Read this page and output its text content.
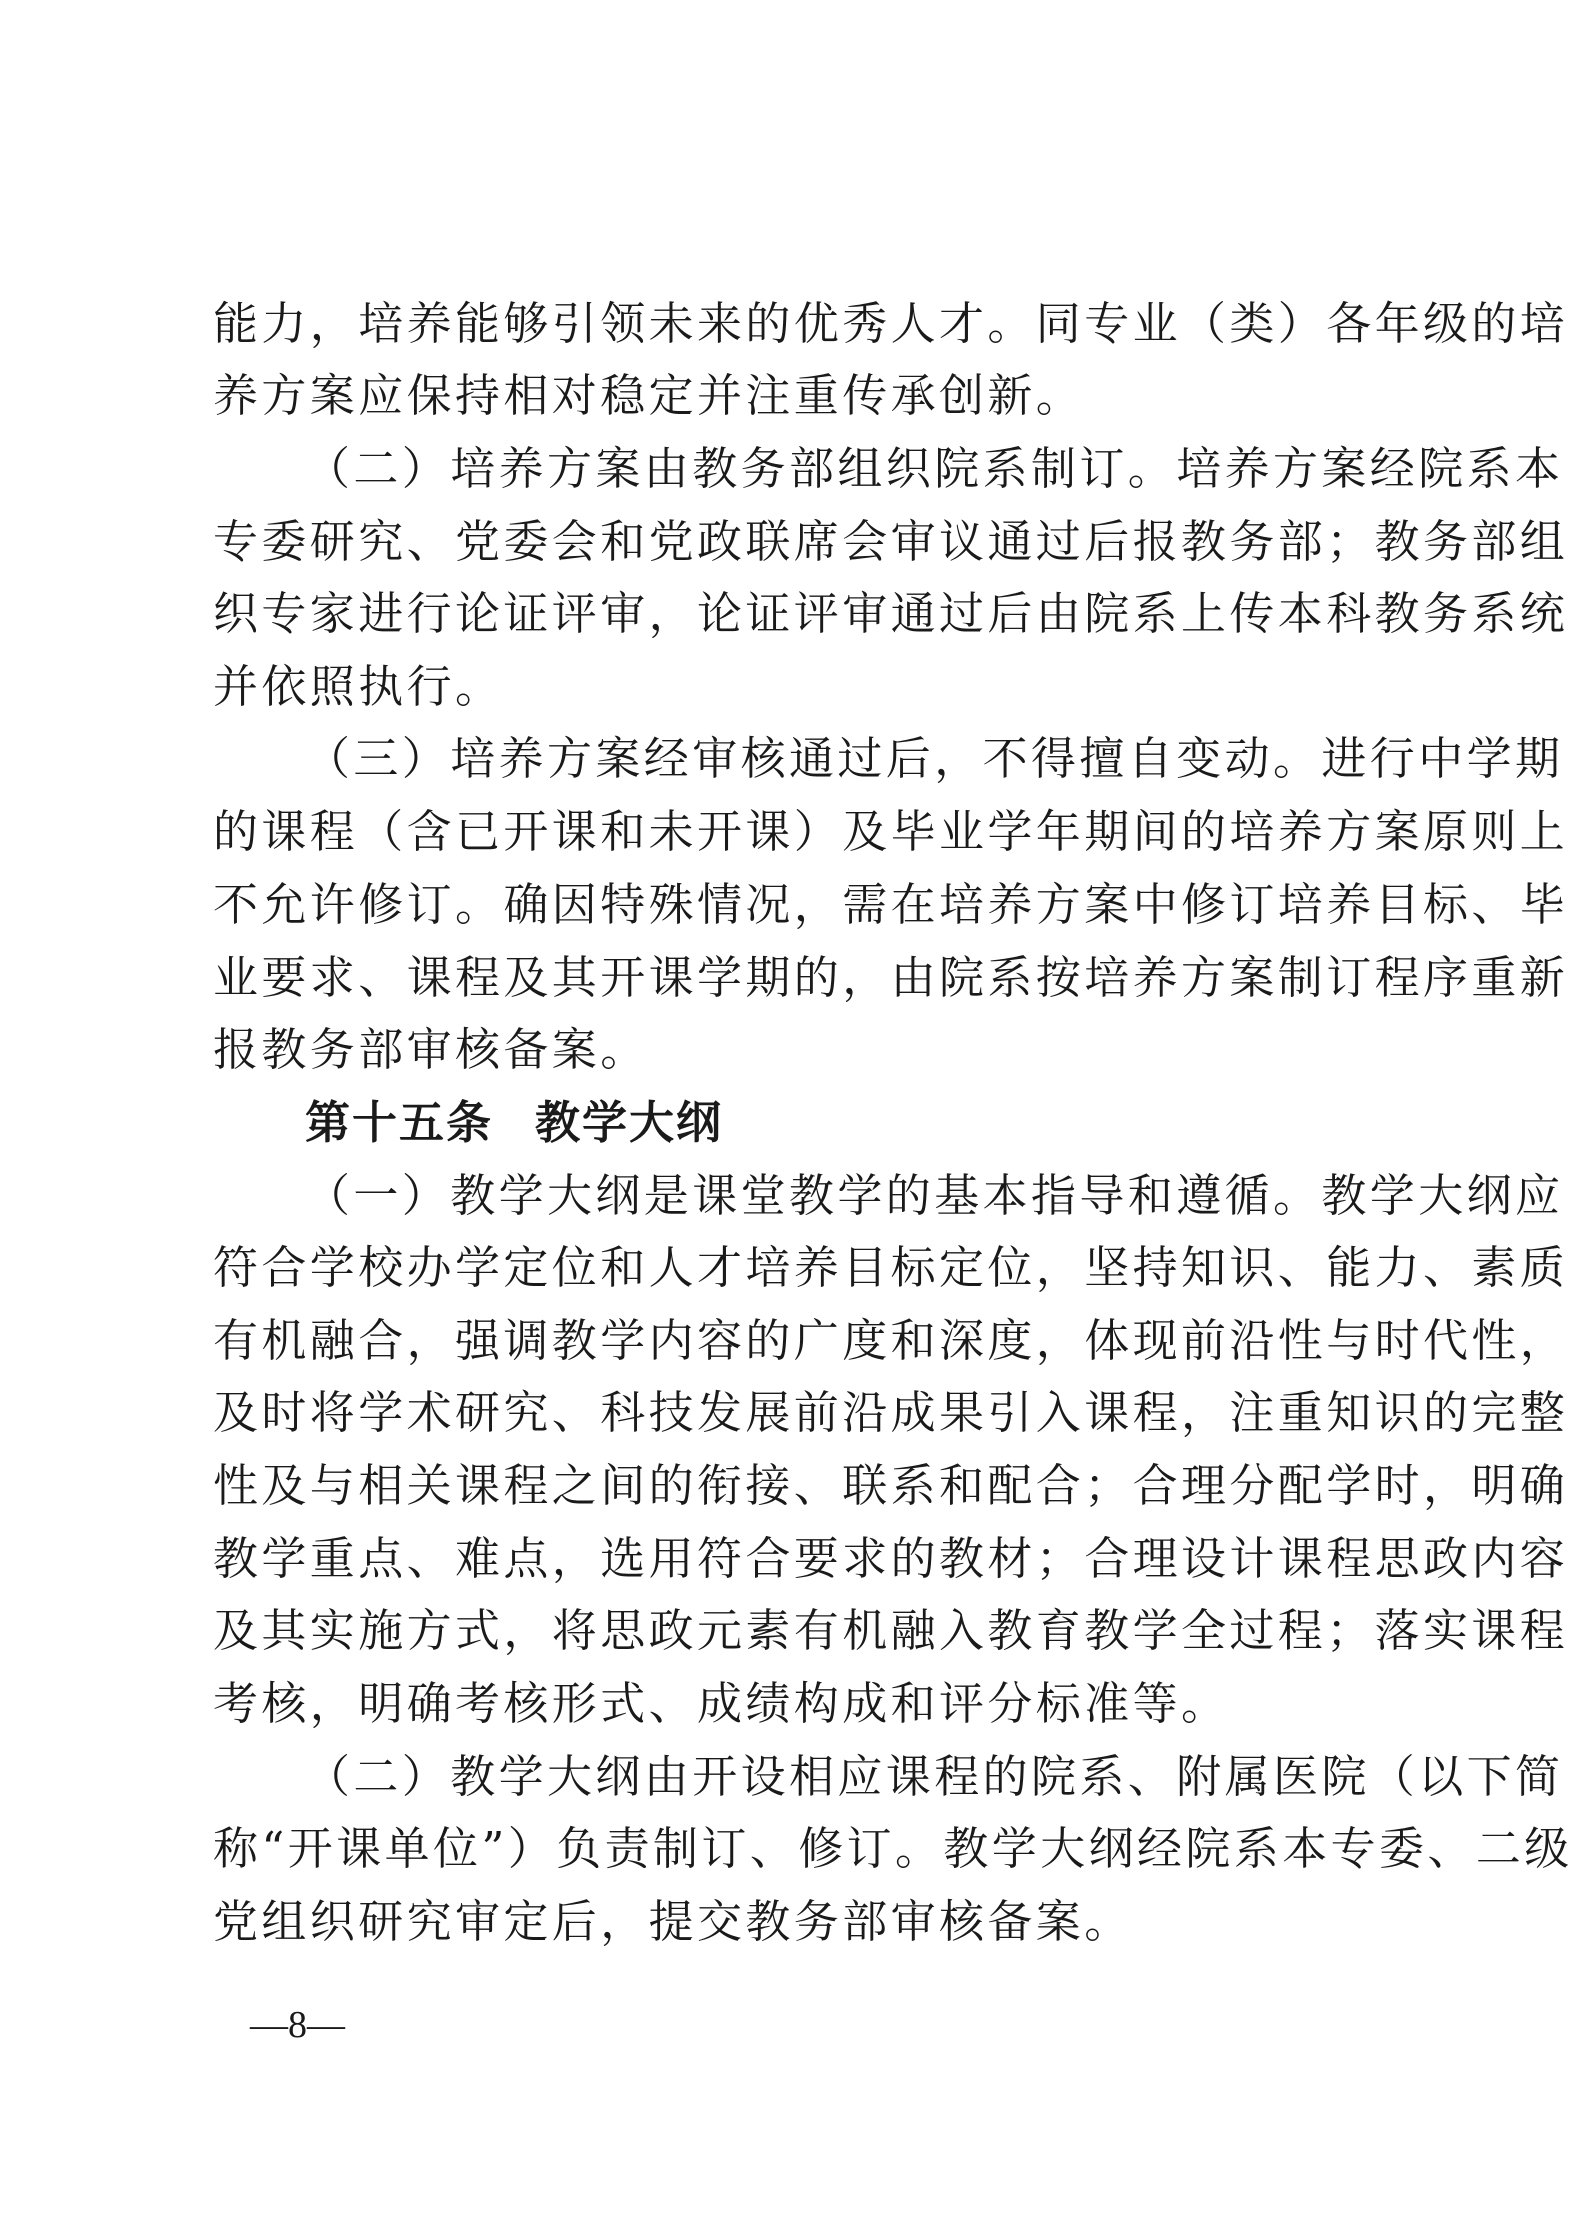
能力，培养能够引领未来的优秀人才。同专业（类）各年级的培
养方案应保持相对稳定并注重传承创新。
（二）培养方案由教务部组织院系制订。培养方案经院系本
专委研究、党委会和党政联席会审议通过后报教务部；教务部组
织专家进行论证评审，论证评审通过后由院系上传本科教务系统
并依照执行。
（三）培养方案经审核通过后，不得擅自变动。进行中学期
的课程（含已开课和未开课）及毕业学年期间的培养方案原则上
不允许修订。确因特殊情况，需在培养方案中修订培养目标、毕
业要求、课程及其开课学期的，由院系按培养方案制订程序重新
报教务部审核备案。
第十五条 教学大纲
（一）教学大纲是课堂教学的基本指导和遵循。教学大纲应
符合学校办学定位和人才培养目标定位，坚持知识、能力、素质
有机融合，强调教学内容的广度和深度，体现前沿性与时代性，
及时将学术研究、科技发展前沿成果引入课程，注重知识的完整
性及与相关课程之间的衔接、联系和配合；合理分配学时，明确
教学重点、难点，选用符合要求的教材；合理设计课程思政内容
及其实施方式，将思政元素有机融入教育教学全过程；落实课程
考核，明确考核形式、成绩构成和评分标准等。
（二）教学大纲由开设相应课程的院系、附属医院（以下简
称“开课单位”）负责制订、修订。教学大纲经院系本专委、二级
党组织研究审定后，提交教务部审核备案。
—8—
